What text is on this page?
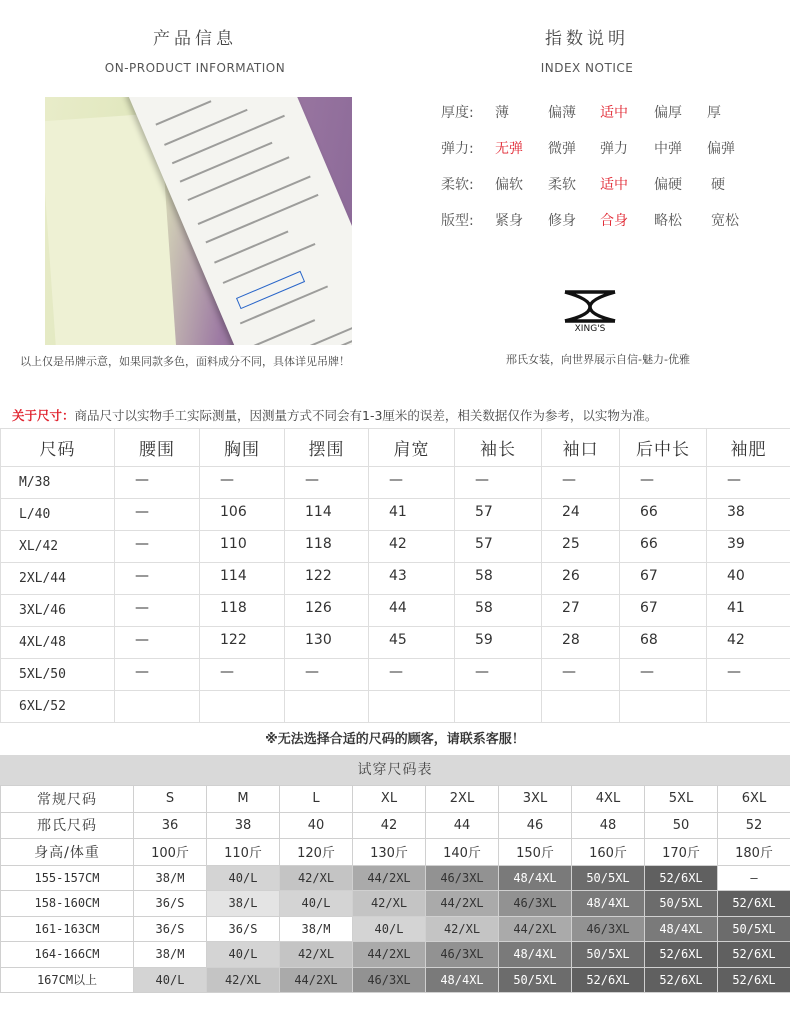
产品信息
ON-PRODUCT INFORMATION
指数说明
INDEX NOTICE
以上仅是吊牌示意，如果同款多色，面料成分不同，具体详见吊牌！
厚度: 薄	偏薄 适中 偏厚 厚
弹力: 无弹 微弹 弹力 中弹 偏弹
柔软: 偏软 柔软 适中 偏硬 硬
版型: 紧身 修身 合身 略松 宽松
XING'S
邢氏女装，向世界展示自信-魅力-优雅
关于尺寸：商品尺寸以实物手工实际测量，因测量方式不同会有1-3厘米的误差，相关数据仅作为参考，以实物为准。
尺码	腰围	胸围	摆围	肩宽	袖长	袖口	后中长	袖肥
M/38	—	—	—	—	—	—	—	—
L/40	—	106	114	41	57	24	66	38
XL/42	—	110	118	42	57	25	66	39
2XL/44	—	114	122	43	58	26	67	40
3XL/46	—	118	126	44	58	27	67	41
4XL/48	—	122	130	45	59	28	68	42
5XL/50	—	—	—	—	—	—	—	—
6XL/52								
※无法选择合适的尺码的顾客，请联系客服！
试穿尺码表
常规尺码	S	M	L	XL	2XL	3XL	4XL	5XL	6XL
邢氏尺码	36	38	40	42	44	46	48	50	52
身高/体重	100斤	110斤	120斤	130斤	140斤	150斤	160斤	170斤	180斤
155-157CM	38/M	40/L	42/XL	44/2XL	46/3XL	48/4XL	50/5XL	52/6XL	—
158-160CM	36/S	38/L	40/L	42/XL	44/2XL	46/3XL	48/4XL	50/5XL	52/6XL
161-163CM	36/S	36/S	38/M	40/L	42/XL	44/2XL	46/3XL	48/4XL	50/5XL
164-166CM	38/M	40/L	42/XL	44/2XL	46/3XL	48/4XL	50/5XL	52/6XL	52/6XL
167CM以上	40/L	42/XL	44/2XL	46/3XL	48/4XL	50/5XL	52/6XL	52/6XL	52/6XL
